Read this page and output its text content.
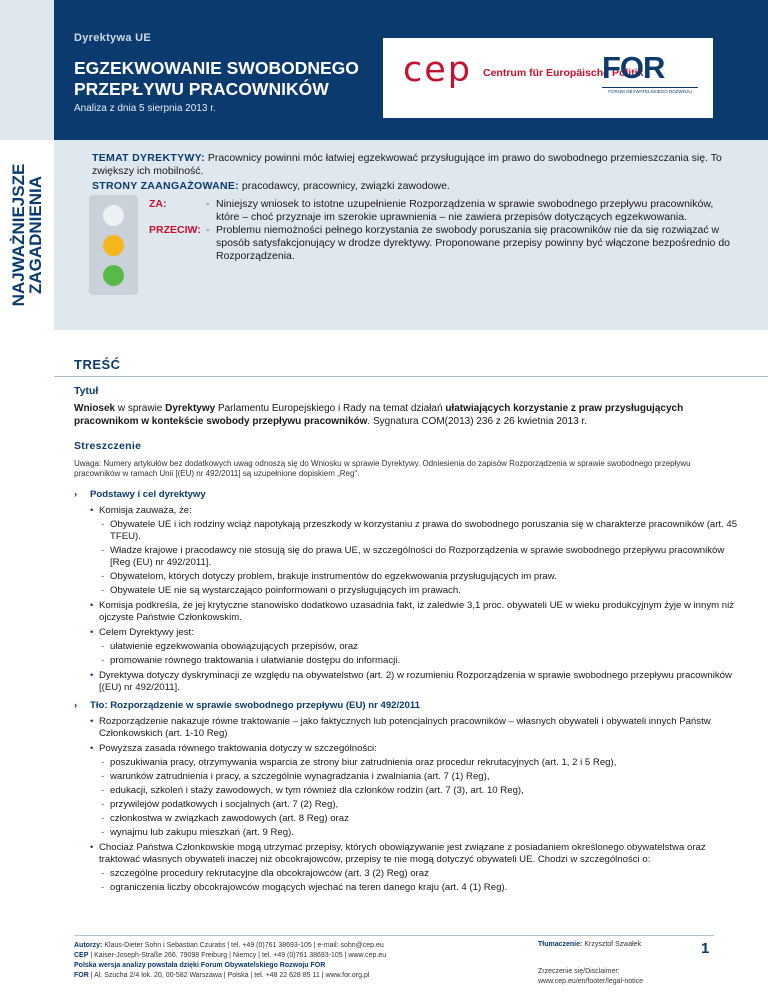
Dyrektywa UE
EGZEKWOWANIE SWOBODNEGO PRZEPŁYWU PRACOWNIKÓW
Analiza z dnia 5 sierpnia 2013 r.
cep Centrum für Europäische Politik
FOR
FORUM OBYWATELSKIEGO ROZWOJU
NAJWAŻNIEJSZE ZAGADNIENIA
TEMAT DYREKTYWY: Pracownicy powinni móc łatwiej egzekwować przysługujące im prawo do swobodnego przemieszczania się. To zwiększy ich mobilność.
STRONY ZAANGAŻOWANE: pracodawcy, pracownicy, związki zawodowe.
ZA:	- Niniejszy wniosek to istotne uzupełnienie Rozporządzenia w sprawie swobodnego przepływu pracowników, które – choć przyznaje im szerokie uprawnienia – nie zawiera przepisów dotyczących egzekwowania.
PRZECIW: - Problemu niemożności pełnego korzystania ze swobody poruszania się pracowników nie da się rozwiązać w sposób satysfakcjonujący w drodze dyrektywy. Proponowane przepisy powinny być włączone bezpośrednio do Rozporządzenia.
TREŚĆ
Tytuł
Wniosek w sprawie Dyrektywy Parlamentu Europejskiego i Rady na temat działań ułatwiających korzystanie z praw przysługujących pracownikom w kontekście swobody przepływu pracowników. Sygnatura COM(2013) 236 z 26 kwietnia 2013 r.
Streszczenie
Uwaga: Numery artykułów bez dodatkowych uwag odnoszą się do Wniosku w sprawie Dyrektywy. Odniesienia do zapisów Rozporządzenia w sprawie swobodnego przepływu pracowników w ramach Unii [(EU) nr 492/2011] są uzupełnione dopiskiem „Reg".
› Podstawy i cel dyrektywy
• Komisja zauważa, że:
- Obywatele UE i ich rodziny wciąż napotykają przeszkody w korzystaniu z prawa do swobodnego poruszania się w charakterze pracowników (art. 45 TFEU).
- Władze krajowe i pracodawcy nie stosują się do prawa UE, w szczególności do Rozporządzenia w sprawie swobodnego przepływu pracowników [Reg (EU) nr 492/2011].
- Obywatelom, których dotyczy problem, brakuje instrumentów do egzekwowania przysługujących im praw.
- Obywatele UE nie są wystarczająco poinformowani o przysługujących im prawach.
• Komisja podkreśla, że jej krytyczne stanowisko dodatkowo uzasadnia fakt, iż zaledwie 3,1 proc. obywateli UE w wieku produkcyjnym żyje w innym niż ojczyste Państwie Członkowskim.
• Celem Dyrektywy jest:
- ułatwienie egzekwowania obowiązujących przepisów, oraz
- promowanie równego traktowania i ułatwianie dostępu do informacji.
• Dyrektywa dotyczy dyskryminacji ze względu na obywatelstwo (art. 2) w rozumieniu Rozporządzenia w sprawie swobodnego przepływu pracowników [(EU) nr 492/2011].
› Tło: Rozporządzenie w sprawie swobodnego przepływu (EU) nr 492/2011
• Rozporządzenie nakazuje równe traktowanie – jako faktycznych lub potencjalnych pracowników – własnych obywateli i obywateli innych Państw Członkowskich (art. 1-10 Reg)
• Powyższa zasada równego traktowania dotyczy w szczególności:
- poszukiwania pracy, otrzymywania wsparcia ze strony biur zatrudnienia oraz procedur rekrutacyjnych (art. 1, 2 i 5 Reg),
- warunków zatrudnienia i pracy, a szczególnie wynagradzania i zwalniania (art. 7 (1) Reg),
- edukacji, szkoleń i staży zawodowych, w tym również dla członków rodzin (art. 7 (3), art. 10 Reg),
- przywilejów podatkowych i socjalnych (art. 7 (2) Reg),
- członkostwa w związkach zawodowych (art. 8 Reg) oraz
- wynajmu lub zakupu mieszkań (art. 9 Reg).
• Chociaż Państwa Członkowskie mogą utrzymać przepisy, których obowiązywanie jest związane z posiadaniem określonego obywatelstwa oraz traktować własnych obywateli inaczej niż obcokrajowców, przepisy te nie mogą dotyczyć obywateli UE. Chodzi w szczególności o:
- szczególne procedury rekrutacyjne dla obcokrajowców (art. 3 (2) Reg) oraz
- ograniczenia liczby obcokrajowców mogących wjechać na teren danego kraju (art. 4 (1) Reg).
Autorzy: Klaus-Dieter Sohn i Sebastian Czuratis | tel. +49 (0)761 38693-105 | e-mail: sohn@cep.eu
CEP | Kaiser-Joseph-Straße 266, 79098 Freiburg | Niemcy | tel. +49 (0)761 38693-105 | www.cep.eu
Polska wersja analizy powstała dzięki Forum Obywatelskiego Rozwoju FOR
FOR | Al. Szucha 2/4 lok. 20, 00-582 Warszawa | Polska | tel. +48 22 628 85 11 | www.for.org.pl
Tłumaczenie: Krzysztof Szwałek
Zrzeczenie się/Disclaimer: www.cep.eu/en/footer/legal-notice
1
